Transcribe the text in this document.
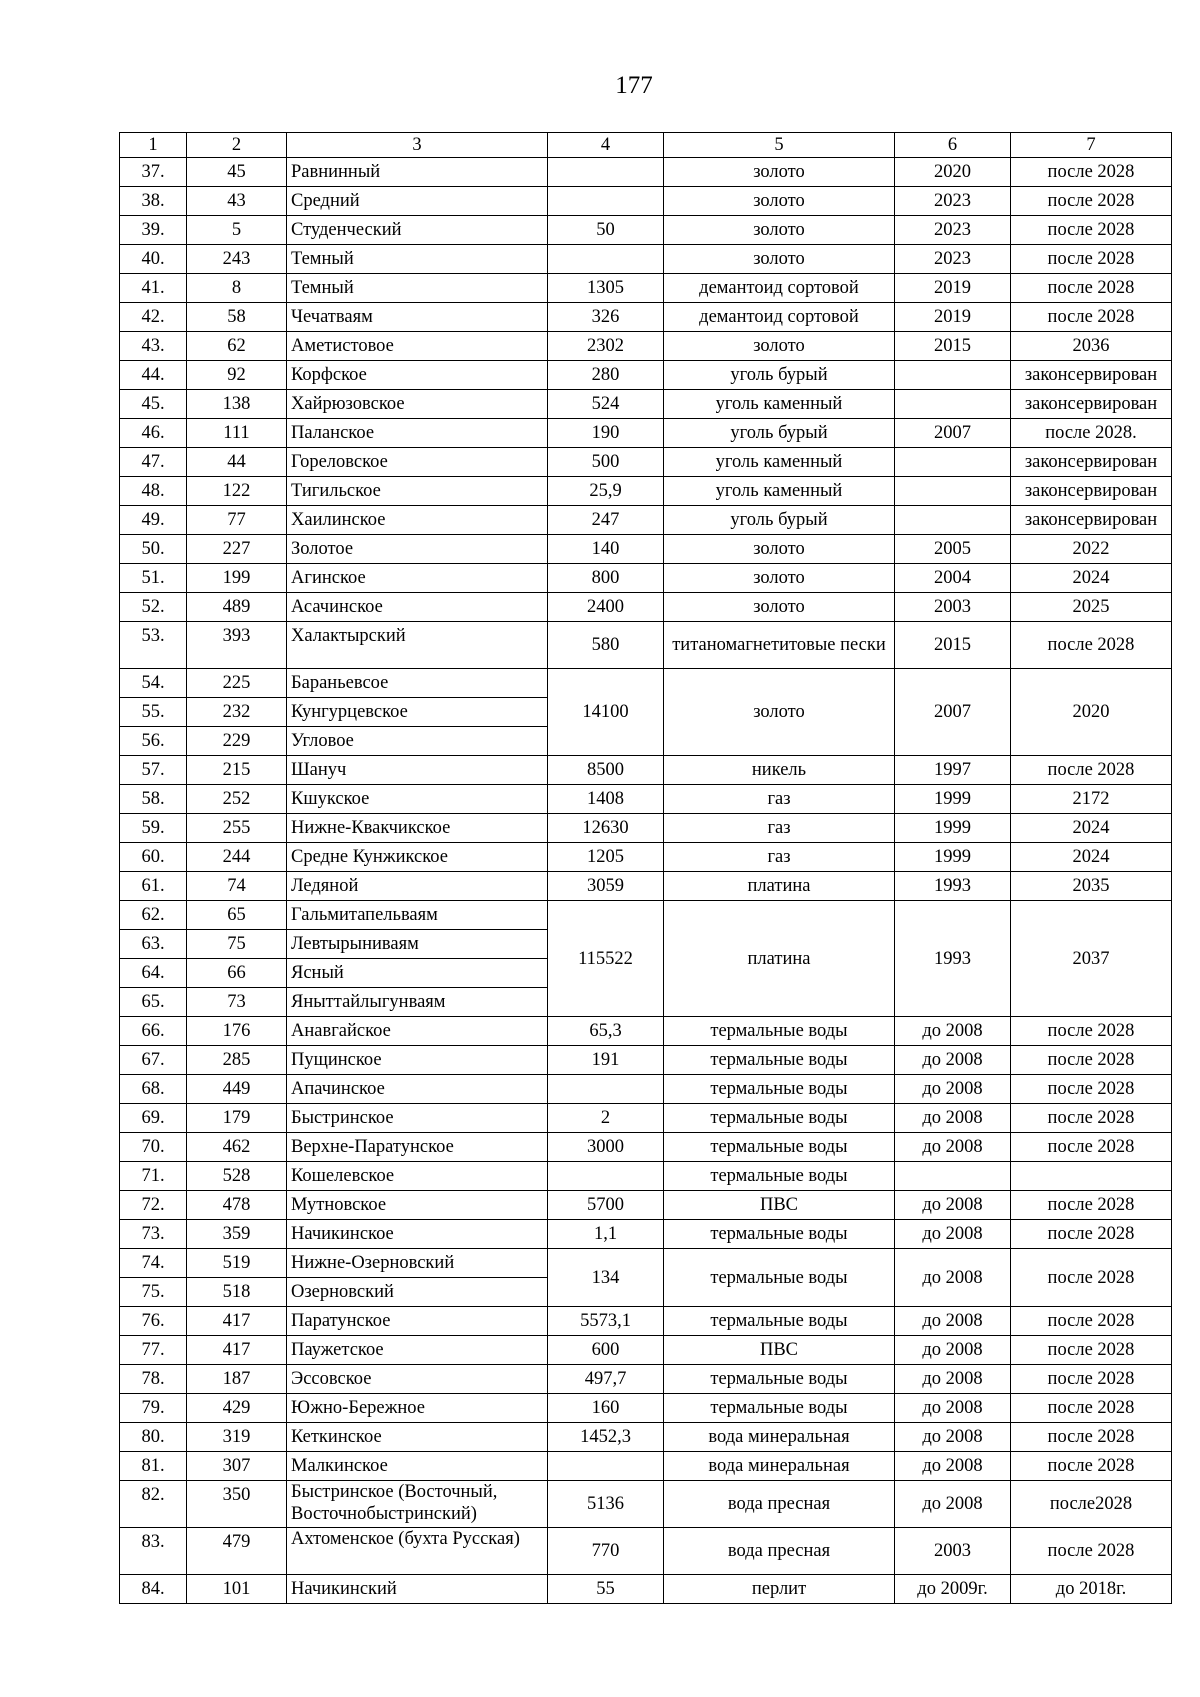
177
1	2	3	4	5	6	7
37.	45	Равнинный		золото	2020	после 2028
38.	43	Средний		золото	2023	после 2028
39.	5	Студенческий	50	золото	2023	после 2028
40.	243	Темный		золото	2023	после 2028
41.	8	Темный	1305	демантоид сортовой	2019	после 2028
42.	58	Чечатваям	326	демантоид сортовой	2019	после 2028
43.	62	Аметистовое	2302	золото	2015	2036
44.	92	Корфское	280	уголь бурый		законсервирован
45.	138	Хайрюзовское	524	уголь каменный		законсервирован
46.	111	Паланское	190	уголь бурый	2007	после 2028.
47.	44	Гореловское	500	уголь каменный		законсервирован
48.	122	Тигильское	25,9	уголь каменный		законсервирован
49.	77	Хаилинское	247	уголь бурый		законсервирован
50.	227	Золотое	140	золото	2005	2022
51.	199	Агинское	800	золото	2004	2024
52.	489	Асачинское	2400	золото	2003	2025
53.	393	Халактырский	580	титаномагнетитовые пески	2015	после 2028
54.	225	Бараньевсое	14100	золото	2007	2020
55.	232	Кунгурцевское				
56.	229	Угловое				
57.	215	Шануч	8500	никель	1997	после 2028
58.	252	Кшукское	1408	газ	1999	2172
59.	255	Нижне-Квакчикское	12630	газ	1999	2024
60.	244	Средне Кунжикское	1205	газ	1999	2024
61.	74	Ледяной	3059	платина	1993	2035
62.	65	Гальмитапельваям	115522	платина	1993	2037
63.	75	Левтырыниваям				
64.	66	Ясный				
65.	73	Яныттайлыгунваям				
66.	176	Анавгайское	65,3	термальные воды	до 2008	после 2028
67.	285	Пущинское	191	термальные воды	до 2008	после 2028
68.	449	Апачинское		термальные воды	до 2008	после 2028
69.	179	Быстринское	2	термальные воды	до 2008	после 2028
70.	462	Верхне-Паратунское	3000	термальные воды	до 2008	после 2028
71.	528	Кошелевское		термальные воды		
72.	478	Мутновское	5700	ПВС	до 2008	после 2028
73.	359	Начикинское	1,1	термальные воды	до 2008	после 2028
74.	519	Нижне-Озерновский	134	термальные воды	до 2008	после 2028
75.	518	Озерновский				
76.	417	Паратунское	5573,1	термальные воды	до 2008	после 2028
77.	417	Паужетское	600	ПВС	до 2008	после 2028
78.	187	Эссовское	497,7	термальные воды	до 2008	после 2028
79.	429	Южно-Бережное	160	термальные воды	до 2008	после 2028
80.	319	Кеткинское	1452,3	вода минеральная	до 2008	после 2028
81.	307	Малкинское		вода минеральная	до 2008	после 2028
82.	350	Быстринское (Восточный, Восточнобыстринский)	5136	вода пресная	до 2008	после2028
83.	479	Ахтоменское (бухта Русская)	770	вода пресная	2003	после 2028
84.	101	Начикинский	55	перлит	до 2009г.	до 2018г.
